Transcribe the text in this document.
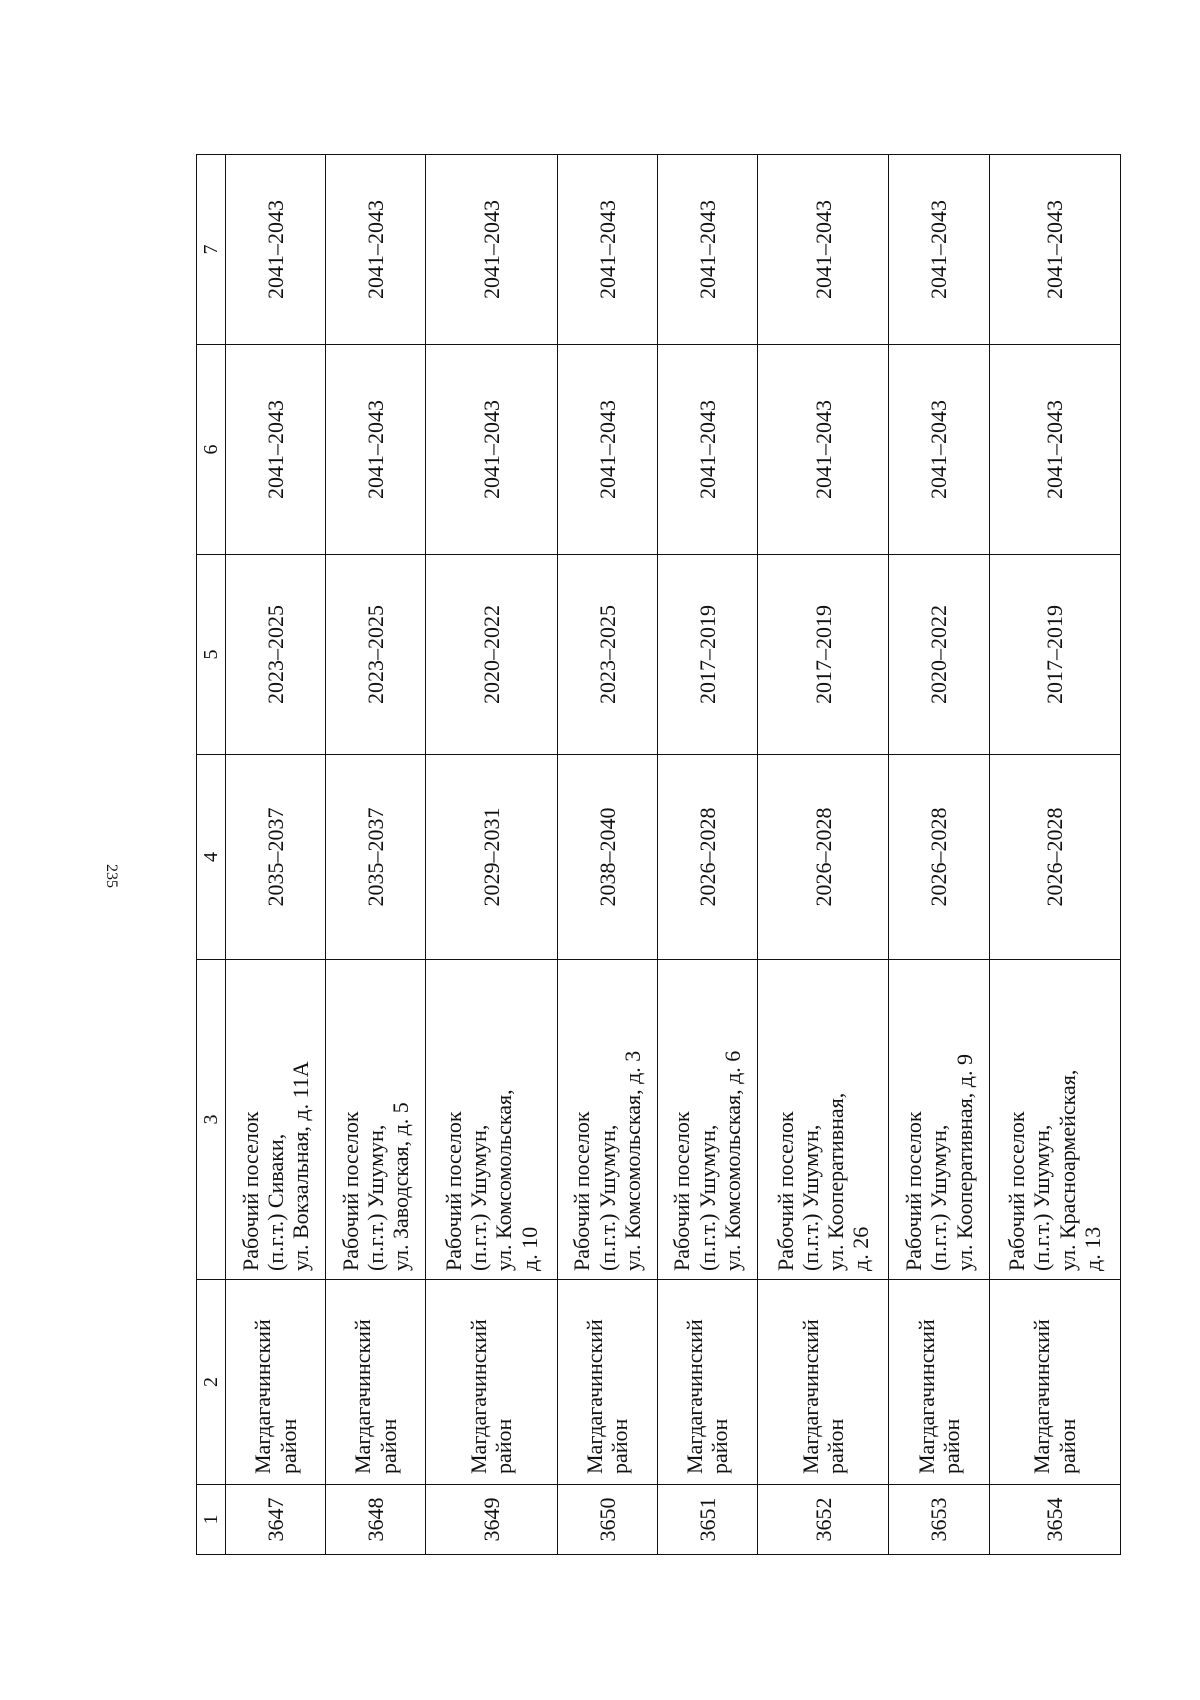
235
1	2	3	4	5	6	7
3647	Магдагачинский район	Рабочий поселок (п.г.т.) Сиваки, ул. Вокзальная, д. 11А	2035–2037	2023–2025	2041–2043	2041–2043
3648	Магдагачинский район	Рабочий поселок (п.г.т.) Ушумун, ул. Заводская, д. 5	2035–2037	2023–2025	2041–2043	2041–2043
3649	Магдагачинский район	Рабочий поселок (п.г.т.) Ушумун, ул. Комсомольская, д. 10	2029–2031	2020–2022	2041–2043	2041–2043
3650	Магдагачинский район	Рабочий поселок (п.г.т.) Ушумун, ул. Комсомольская, д. 3	2038–2040	2023–2025	2041–2043	2041–2043
3651	Магдагачинский район	Рабочий поселок (п.г.т.) Ушумун, ул. Комсомольская, д. 6	2026–2028	2017–2019	2041–2043	2041–2043
3652	Магдагачинский район	Рабочий поселок (п.г.т.) Ушумун, ул. Кооперативная, д. 26	2026–2028	2017–2019	2041–2043	2041–2043
3653	Магдагачинский район	Рабочий поселок (п.г.т.) Ушумун, ул. Кооперативная, д. 9	2026–2028	2020–2022	2041–2043	2041–2043
3654	Магдагачинский район	Рабочий поселок (п.г.т.) Ушумун, ул. Красноармейская, д. 13	2026–2028	2017–2019	2041–2043	2041–2043
